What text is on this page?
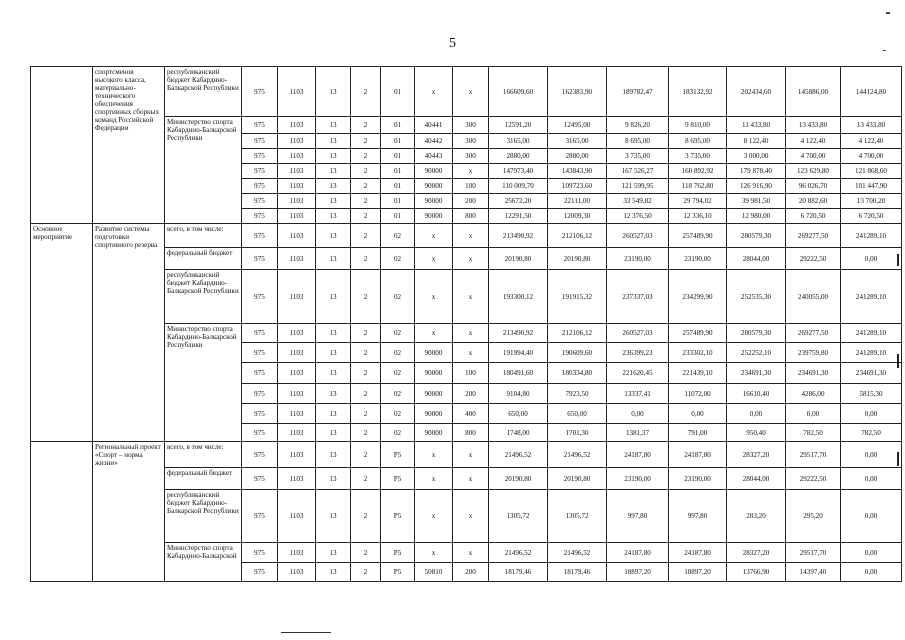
5
	спортсменов высокого класса, материально-технического обеспечения спортивных сборных команд Российской Федерации	республиканский бюджет Кабардино-Балкарской Республики	975	1103	13	2	01	x	x	166609,60	162383,90	189782,47	183132,92	202434,60	145886,00	144124,80
		Министерство спорта Кабардино-Балкарской Республики	975	1103	13	2	01	40441	300	12591,20	12495,00	9 826,20	9 810,00	11 433,80	13 433,80	13 433,80
			975	1103	13	2	01	40442	300	3165,00	3165,00	8 695,00	8 695,00	8 122,40	4 122,40	4 122,40
			975	1103	13	2	01	40443	300	2880,00	2880,00	3 735,00	3 735,00	3 000,00	4 700,00	4 700,00
			975	1103	13	2	01	90000	x	147973,40	143843,90	167 526,27	160 892,92	179 878,40	123 629,80	121 868,60
			975	1103	13	2	01	90000	100	110 009,70	109723,60	121 599,95	118 762,80	126 916,90	96 026,70	101 447,90
			975	1103	13	2	01	90000	200	25672,20	22111,00	33 549,82	29 794,02	39 981,50	20 882,60	13 700,20
			975	1103	13	2	01	90000	800	12291,50	12009,30	12 376,50	12 336,10	12 980,00	6 720,50	6 720,50
Основное мероприятие	Развитие системы подготовки спортивного резерва	всего, в том числе:	975	1103	13	2	02	x	x	213490,92	212106,12	260527,03	257489,90	280579,30	269277,50	241289,10
		федеральный бюджет	975	1103	13	2	02	x	x	20190,80	20190,80	23190,00	23190,00	28044,00	29222,50	0,00
		республиканский бюджет Кабардино-Балкарской Республики	975	1103	13	2	02	x	x	193300,12	191915,32	237337,03	234299,90	252535,30	240055,00	241289,10
		Министерство спорта Кабардино-Балкарской Республики	975	1103	13	2	02	x	x	213490,92	212106,12	260527,03	257489,90	280579,30	269277,50	241289,10
			975	1103	13	2	02	90000	x	191994,40	190609,60	236399,23	233302,10	252252,10	239759,80	241289,10
			975	1103	13	2	02	90000	100	180491,60	180334,80	221620,45	221439,10	234691,30	234691,30	234691,30
			975	1103	13	2	02	90000	200	9104,80	7923,50	13337,41	11072,00	16610,40	4286,00	5815,30
			975	1103	13	2	02	90000	400	650,00	650,00	0,00	0,00	0,00	0,00	0,00
			975	1103	13	2	02	90000	800	1748,00	1701,30	1381,37	791,00	950,40	782,50	782,50
	Региональный проект «Спорт – норма жизни»	всего, в том числе:	975	1103	13	2	P5	x	x	21496,52	21496,52	24187,80	24187,80	28327,20	29517,70	0,00
		федеральный бюджет	975	1103	13	2	P5	x	x	20190,80	20190,80	23190,00	23190,00	28044,00	29222,50	0,00
		республиканский бюджет Кабардино-Балкарской Республики	975	1103	13	2	P5	x	x	1305,72	1305,72	997,80	997,80	283,20	295,20	0,00
		Министерство спорта Кабардино-Балкарской	975	1103	13	2	P5	x	x	21496,52	21496,52	24187,80	24187,80	28327,20	29517,70	0,00
			975	1103	13	2	P5	50810	200	18179,46	18179,46	18897,20	18897,20	13766,90	14397,40	0,00
